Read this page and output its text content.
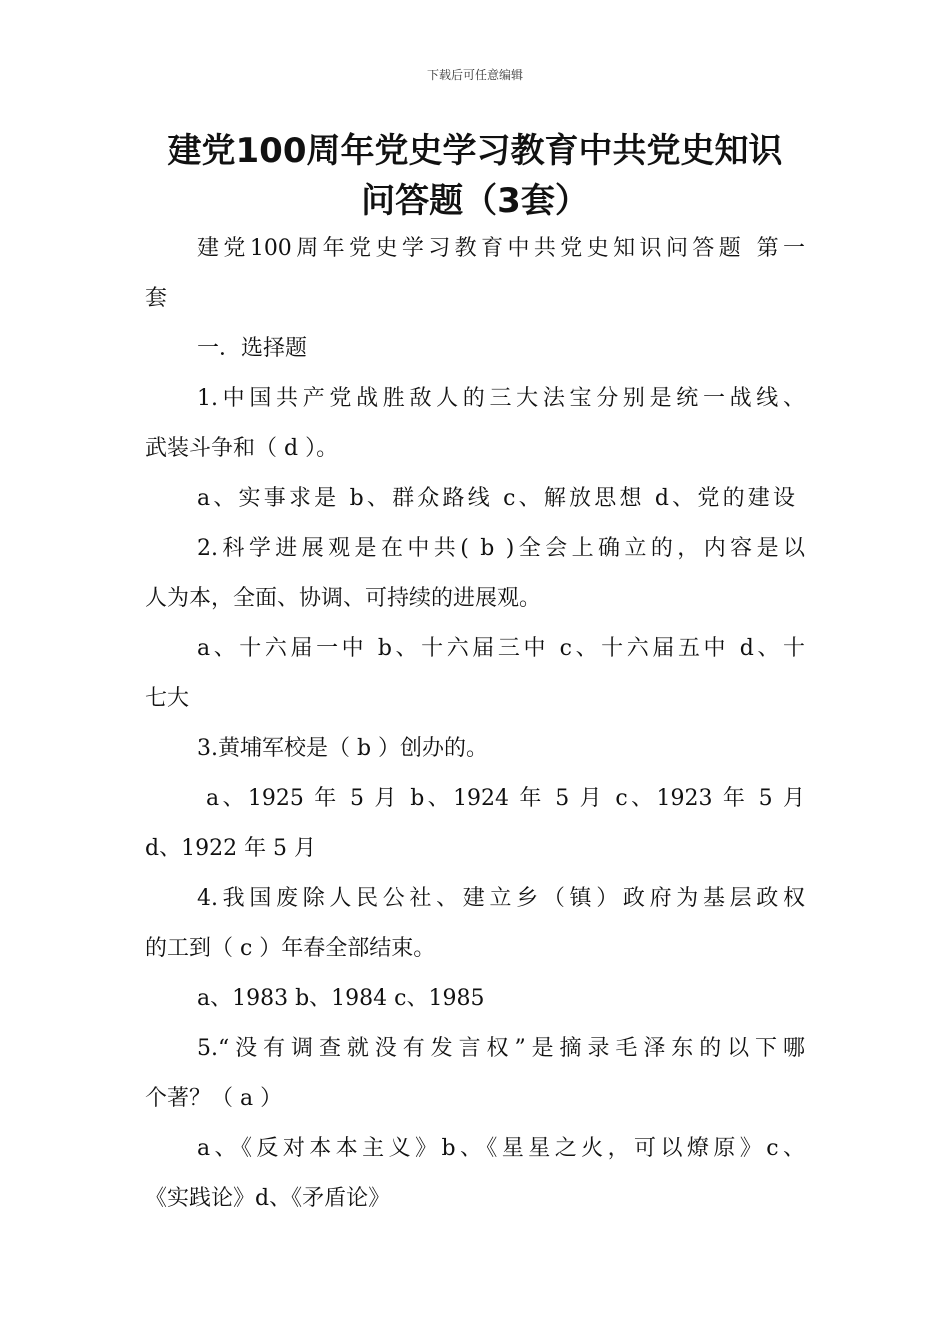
下载后可任意编辑
建党100周年党史学习教育中共党史知识
问答题（3套）
建党100周年党史学习教育中共党史知识问答题 第一
套
一．选择题
1.中国共产党战胜敌人的三大法宝分别是统一战线、
武装斗争和（ d ）。
a、实事求是 b、群众路线 c、解放思想 d、党的建设
2.科学进展观是在中共( b )全会上确立的，内容是以
人为本，全面、协调、可持续的进展观。
a、十六届一中 b、十六届三中 c、十六届五中 d、十
七大
3.黄埔军校是（ b ）创办的。
a、1925 年 5 月 b、1924 年 5 月 c、1923 年 5 月
d、1922 年 5 月
4.我国废除人民公社、建立乡（镇）政府为基层政权
的工到（ c ）年春全部结束。
a、1983 b、1984 c、1985
5.“没有调查就没有发言权”是摘录毛泽东的以下哪
个著？（ a ）
a、《反对本本主义》b、《星星之火，可以燎原》c、
《实践论》d、《矛盾论》
